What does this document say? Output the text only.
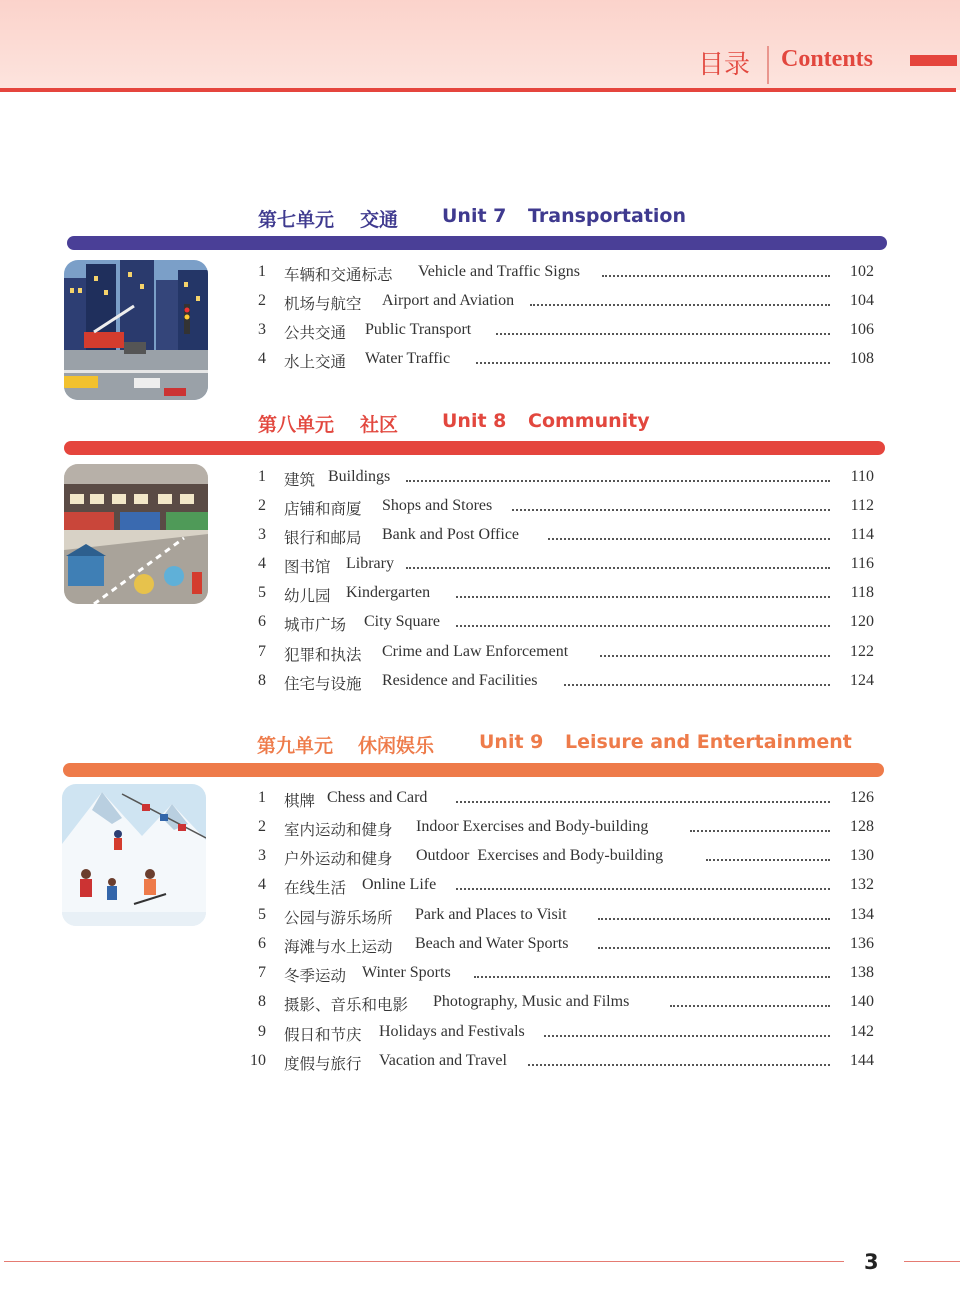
目录 Contents
第七单元 交通 Unit 7 Transportation
1 车辆和交通标志 Vehicle and Traffic Signs	102
2 机场与航空 Airport and Aviation	104
3 公共交通 Public Transport	106
4 水上交通 Water Traffic	108
第八单元 社区 Unit 8 Community
1 建筑 Buildings	110
2 店铺和商厦 Shops and Stores	112
3 银行和邮局 Bank and Post Office	114
4 图书馆 Library	116
5 幼儿园 Kindergarten	118
6 城市广场 City Square	120
7 犯罪和执法 Crime and Law Enforcement	122
8 住宅与设施 Residence and Facilities	124
第九单元 休闲娱乐 Unit 9 Leisure and Entertainment
1 棋牌 Chess and Card	126
2 室内运动和健身 Indoor Exercises and Body-building	128
3 户外运动和健身 Outdoor  Exercises and Body-building	130
4 在线生活 Online Life	132
5 公园与游乐场所 Park and Places to Visit	134
6 海滩与水上运动 Beach and Water Sports	136
7 冬季运动 Winter Sports	138
8 摄影、音乐和电影 Photography, Music and Films	140
9 假日和节庆 Holidays and Festivals	142
10 度假与旅行 Vacation and Travel	144
3
